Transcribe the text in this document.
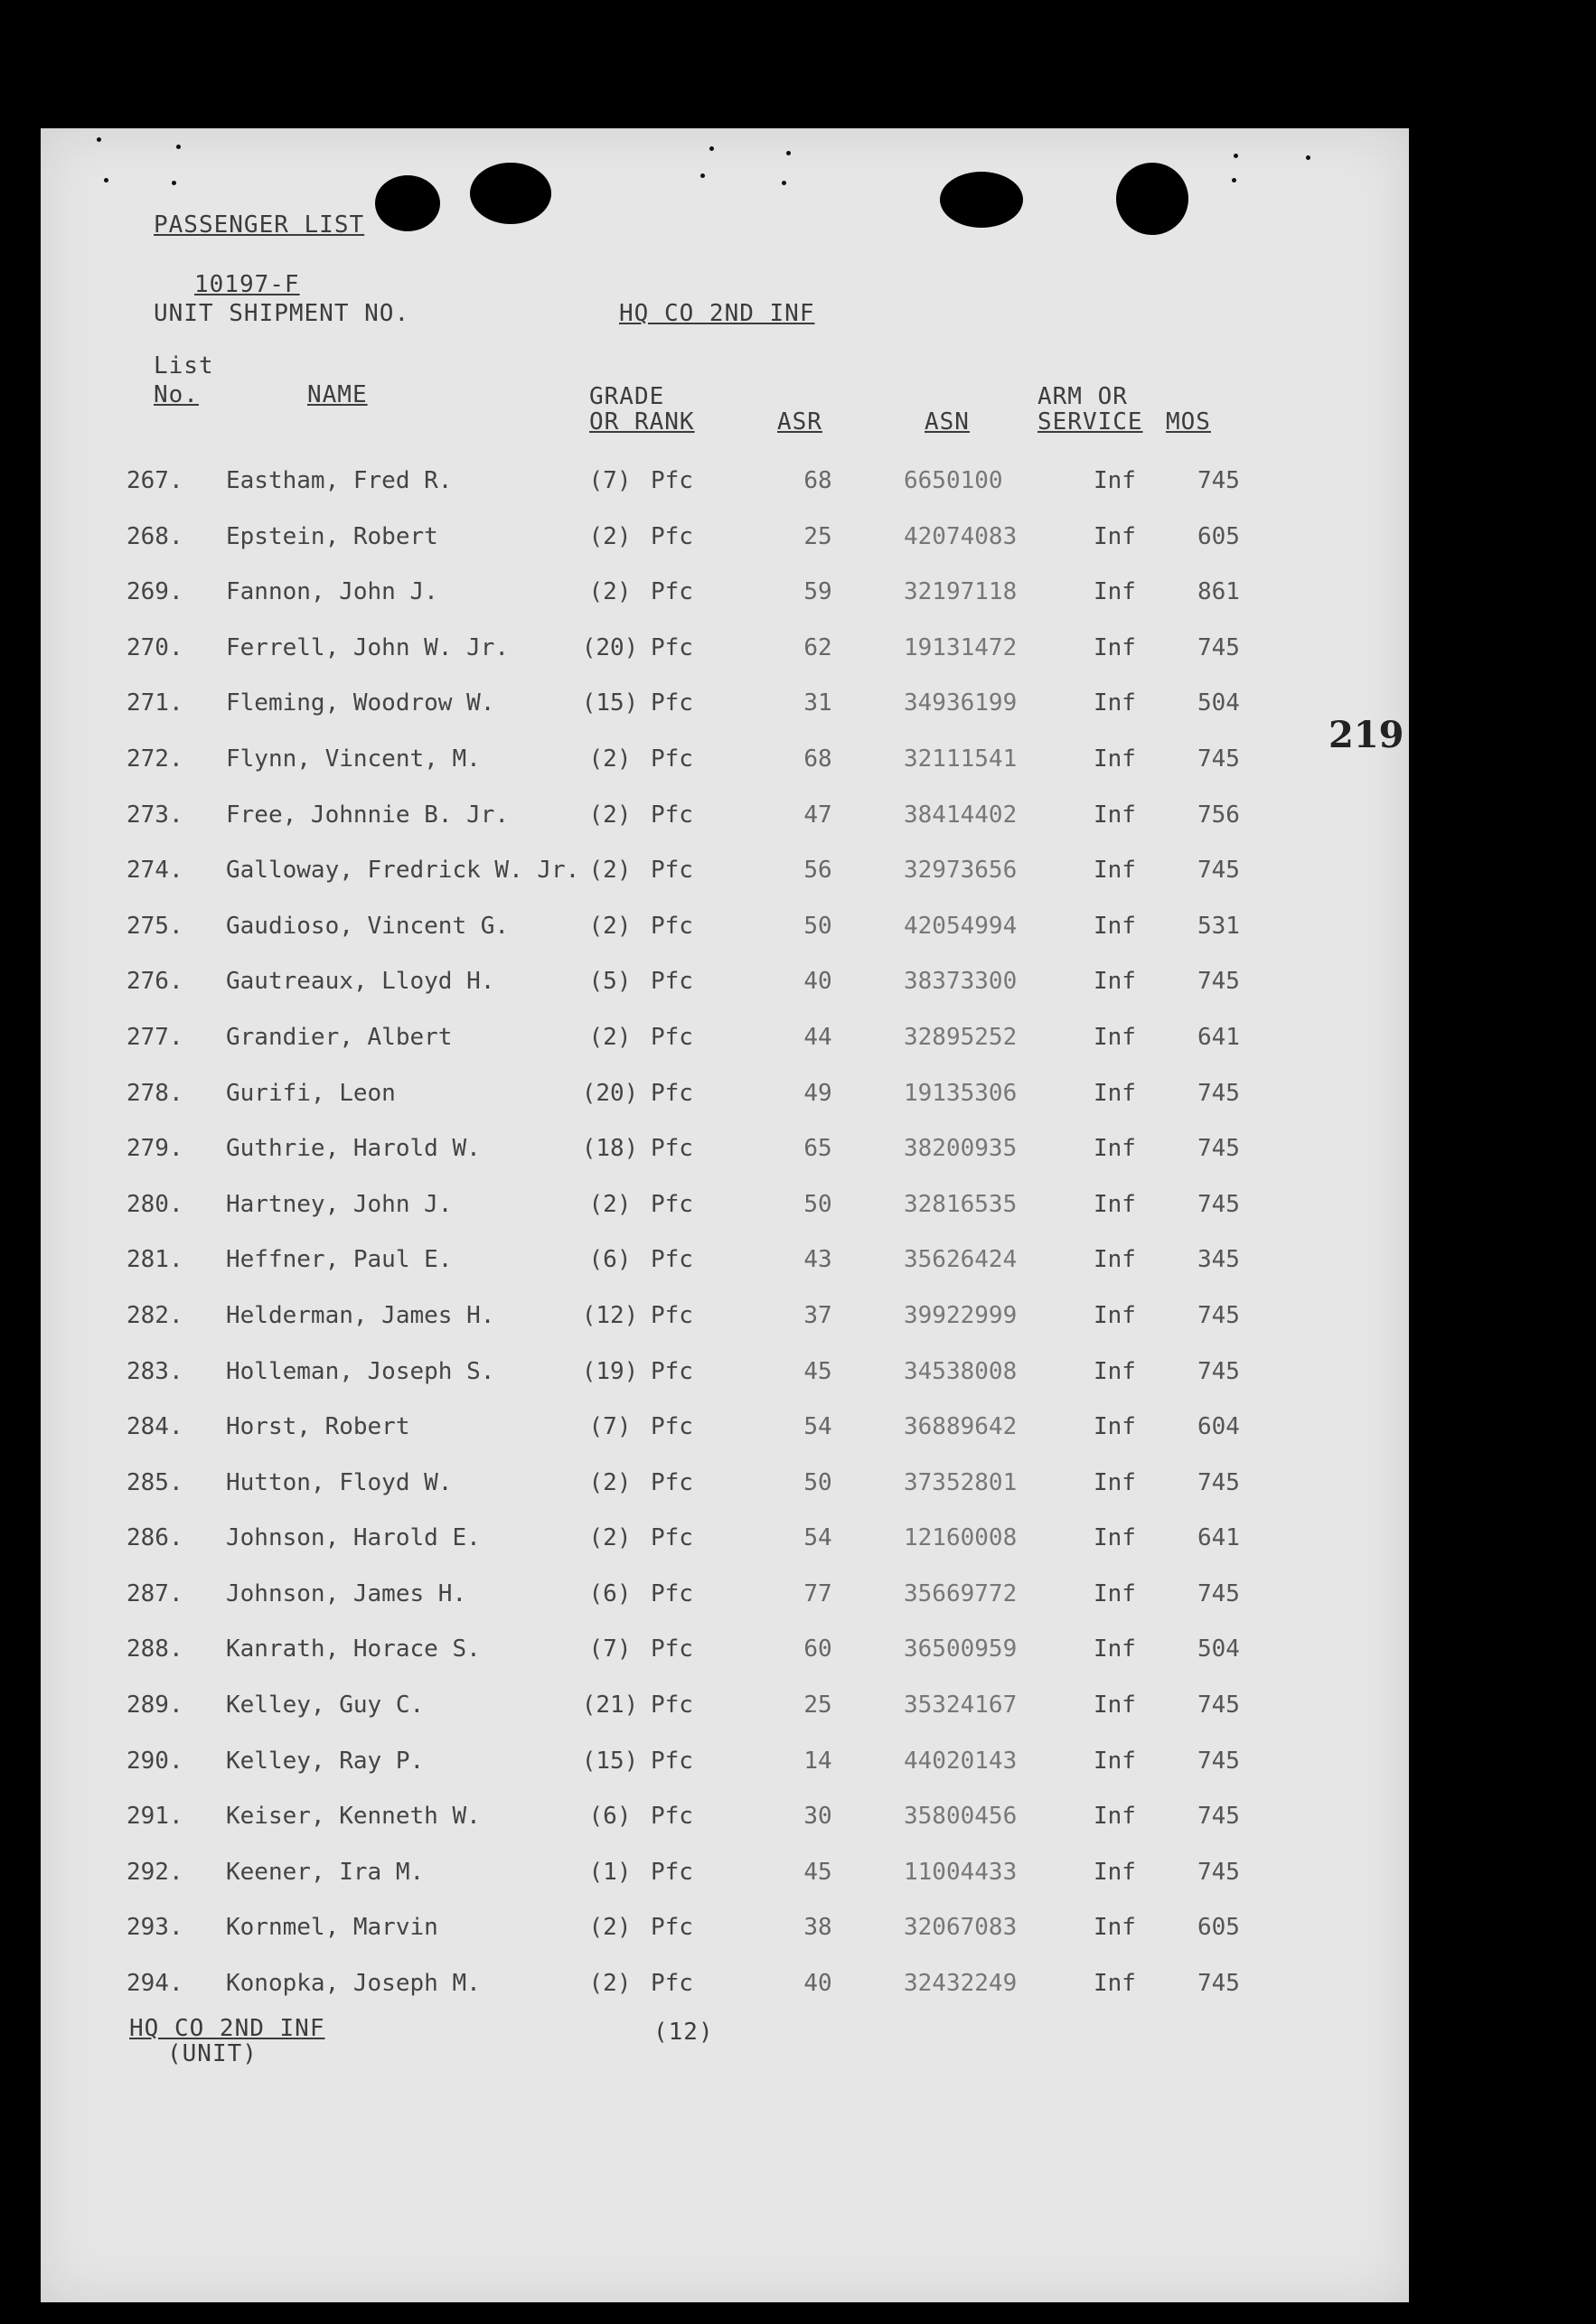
PASSENGER LIST
10197-F
UNIT SHIPMENT NO.	HQ CO 2ND INF
List
No.	NAME	GRADE
OR RANK	ASR	ASN
ARM OR
SERVICE MOS
219
267.	Eastham, Fred R.	(7) Pfc	68	6650100	Inf	745
268.	Epstein, Robert	(2) Pfc	25	42074083	Inf	605
269.	Fannon, John J.	(2) Pfc	59	32197118	Inf	861
270.	Ferrell, John W. Jr.	(20) Pfc	62	19131472	Inf	745
271.	Fleming, Woodrow W.	(15) Pfc	31	34936199	Inf	504
272.	Flynn, Vincent, M.	(2) Pfc	68	32111541	Inf	745
273.	Free, Johnnie B. Jr.	(2) Pfc	47	38414402	Inf	756
274.	Galloway, Fredrick W. Jr. (2) Pfc	56	32973656	Inf	745
275.	Gaudioso, Vincent G.	(2) Pfc	50	42054994	Inf	531
276.	Gautreaux, Lloyd H.	(5) Pfc	40	38373300	Inf	745
277.	Grandier, Albert	(2) Pfc	44	32895252	Inf	641
278.	Gurifi, Leon	(20) Pfc	49	19135306	Inf	745
279.	Guthrie, Harold W.	(18) Pfc	65	38200935	Inf	745
280.	Hartney, John J.	(2) Pfc	50	32816535	Inf	745
281.	Heffner, Paul E.	(6) Pfc	43	35626424	Inf	345
282.	Helderman, James H.	(12) Pfc	37	39922999	Inf	745
283.	Holleman, Joseph S.	(19) Pfc	45	34538008	Inf	745
284.	Horst, Robert	(7) Pfc	54	36889642	Inf	604
285.	Hutton, Floyd W.	(2) Pfc	50	37352801	Inf	745
286.	Johnson, Harold E.	(2) Pfc	54	12160008	Inf	641
287.	Johnson, James H.	(6) Pfc	77	35669772	Inf	745
288.	Kanrath, Horace S.	(7) Pfc	60	36500959	Inf	504
289.	Kelley, Guy C.	(21) Pfc	25	35324167	Inf	745
290.	Kelley, Ray P.	(15) Pfc	14	44020143	Inf	745
291.	Keiser, Kenneth W.	(6) Pfc	30	35800456	Inf	745
292.	Keener, Ira M.	(1) Pfc	45	11004433	Inf	745
293.	Kornmel, Marvin	(2) Pfc	38	32067083	Inf	605
294.	Konopka, Joseph M.	(2) Pfc	40	32432249	Inf	745
HQ CO 2ND INF
(UNIT)
(12)
